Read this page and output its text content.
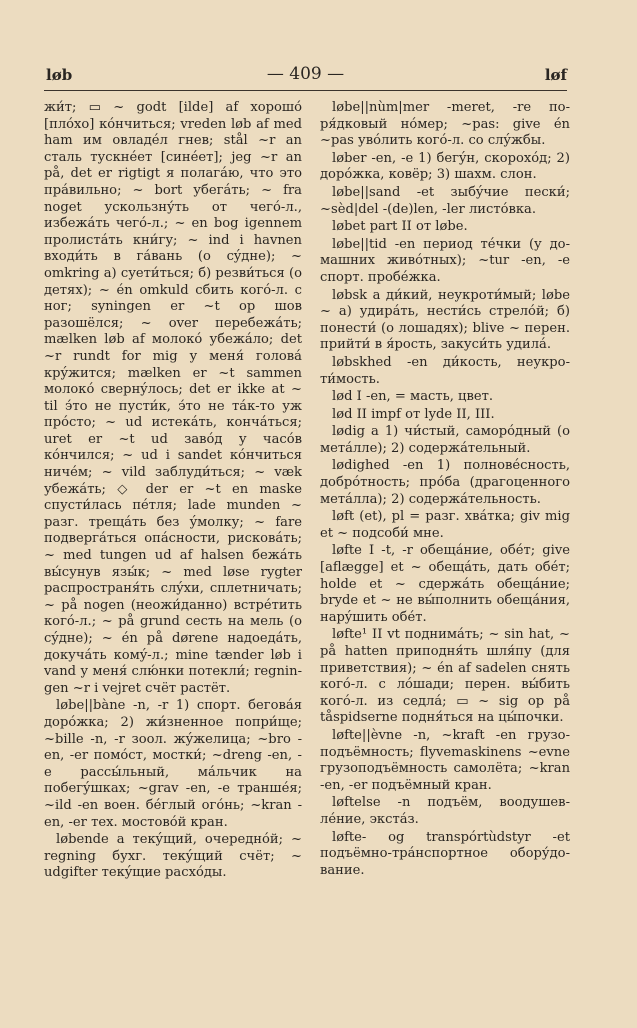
løb	— 409 —	løf

жи́т; ▭ ~ godt [ilde] af хорошо́ [плóхо] кóнчиться; vreden løb af med ham им овладéл гнев; stål ~r an сталь тускнéет [синéет]; jeg ~r an på, det er rigtigt я полагáю, что это прáвильно; ~ bort убегáть; ~ fra noget ускользну́ть от чегó-л., избежáть чегó-л.; ~ en bog igennem пролистáть кни́гу; ~ ind i havnen входи́ть в гáвань (о сýдне); ~ omkring а) суети́ться; б) резви́ться (о детях); ~ én omkuld сбить когó-л. с ног; syningen er ~t op шов разошёлся; ~ over перебежáть; mælken løb af молокó убежáло; det ~r rundt for mig у меня́ головá крýжится; mælken er ~t sammen молокó свернýлось; det er ikke at ~ til э́то не пусти́к, э́то не тáк-то уж прóсто; ~ ud истекáть, кончáться; uret er ~t ud завóд у часóв кóнчился; ~ ud i sandet кóнчиться ничéм; ~ vild заблуди́ться; ~ væk убежáть; ◇ der er ~t en maske спусти́лась пéтля; lade munden ~ разг. трещáть без ýмолку; ~ fare подвергáться опáсности, рисковáть; ~ med tungen ud af halsen бежáть вы́сунув язы́к; ~ med løse rygter распространя́ть слýхи, сплетничать; ~ på nogen (неожи́данно) встрéтить когó-л.; ~ på grund сесть на мель (о сýдне); ~ én på dørene надоедáть, докучáть комý-л.; mine tænder løb i vand у меня́ слю́нки потекли́; regningen ~r i vejret счёт растёт.

løbe||bàne -n, -r 1) спорт. беговáя дорóжка; 2) жи́зненное попри́ще; ~bille -n, -r зоол. жýжелица; ~bro -en, -er помóст, мостки́; ~dreng -en, -e рассы́льный, мáльчик на побегýшках; ~grav -en, -e траншéя; ~ild -en воен. бéглый огóнь; ~kran -en, -er тех. мостовóй кран.

løbende а текýщий, очереднóй; ~ regning бухг. текýщий счёт; ~ udgifter текýщие расхóды.

løbe||nùm|mer -meret, -re поря́дковый нóмер; ~pas: give én ~pas увóлить когó-л. со слýжбы.

løber -en, -e 1) бегýн, скорохóд; 2) дорóжка, ковёр; 3) шахм. слон.

løbe||sand -et зыбýчие пески́; ~sèd|del -(de)len, -ler листóвка.

løbet part II от løbe.

løbe||tid -en период тéчки (у домашних живóтных); ~tur -en, -e спорт. пробéжка.

løbsk а ди́кий, неукроти́мый; løbe ~ а) удирáть, нести́сь стрелóй; б) понести́ (о лошадях); blive ~ перен. прийти́ в я́рость, закуси́ть удилá.

løbskhed -en ди́кость, неукроти́мость.

lød I -en, = масть, цвет.

lød II impf от lyde II, III.

lødig а 1) чи́стый, самоpóдный (о метáлле); 2) содержáтельный.

lødighed -en 1) полновéсность, добрóтность; прóба (драгоценного метáлла); 2) содержáтельность.

løft (et), pl = разг. хвáтка; giv mig et ~ подсоби́ мне.

løfte I -t, -r обещáние, обéт; give [aflægge] et ~ обещáть, дать обéт; holde et ~ сдержáть обещáние; bryde et ~ не вы́полнить обещáния, нарýшить обéт.

løfte¹ II vt поднимáть; ~ sin hat, ~ på hatten приподня́ть шля́пу (для приветствия); ~ én af sadelen снять когó-л. с лóшади; перен. вы́бить когó-л. из седлá; ▭ ~ sig op på tåspidserne подня́ться на цы́почки.

løfte||èvne -n, ~kraft -en грузоподъёмность; flyvemaskinens ~evne грузоподъёмность самолёта; ~kran -en, -er подъёмный кран.

løftelse -n подъём, воодушевлéние, экстáз.

løfte- og transpórtùdstyr -et подъёмно-трáнспортное обору́дование.
